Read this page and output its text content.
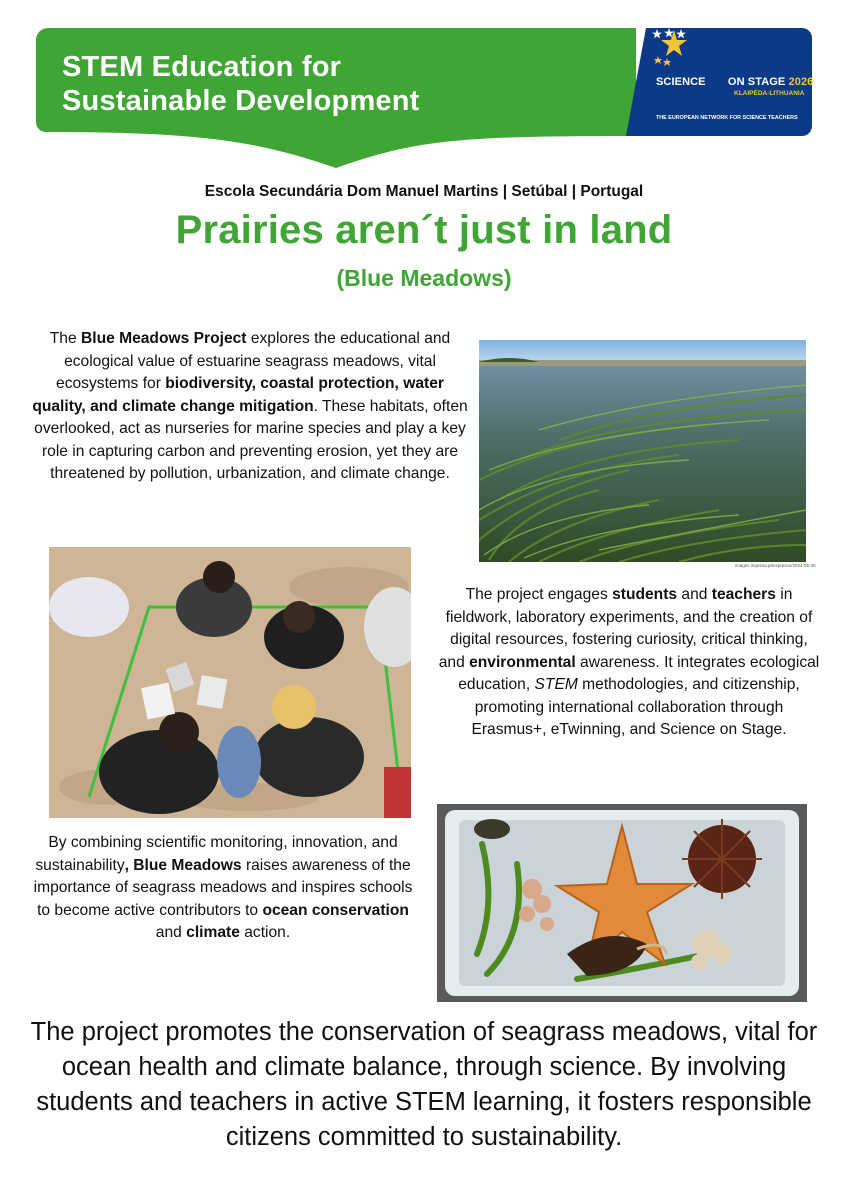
STEM Education for
Sustainable Development
SCIENCE ON STAGE 2026
KLAIPĖDA·LITHUANIA
THE EUROPEAN NETWORK FOR SCIENCE TEACHERS
Escola Secundária Dom Manuel Martins | Setúbal | Portugal
Prairies aren´t just in land
(Blue Meadows)

The Blue Meadows Project explores the educational and ecological value of estuarine seagrass meadows, vital ecosystems for biodiversity, coastal protection, water quality, and climate change mitigation. These habitats, often overlooked, act as nurseries for marine species and play a key role in capturing carbon and preventing erosion, yet they are threatened by pollution, urbanization, and climate change.

images.impresa.pt/expresso/2024-05-30

The project engages students and teachers in fieldwork, laboratory experiments, and the creation of digital resources, fostering curiosity, critical thinking, and environmental awareness. It integrates ecological education, STEM methodologies, and citizenship, promoting international collaboration through Erasmus+, eTwinning, and Science on Stage.

By combining scientific monitoring, innovation, and sustainability, Blue Meadows raises awareness of the importance of seagrass meadows and inspires schools to become active contributors to ocean conservation and climate action.

The project promotes the conservation of seagrass meadows, vital for ocean health and climate balance, through science. By involving students and teachers in active STEM learning, it fosters responsible citizens committed to sustainability.
